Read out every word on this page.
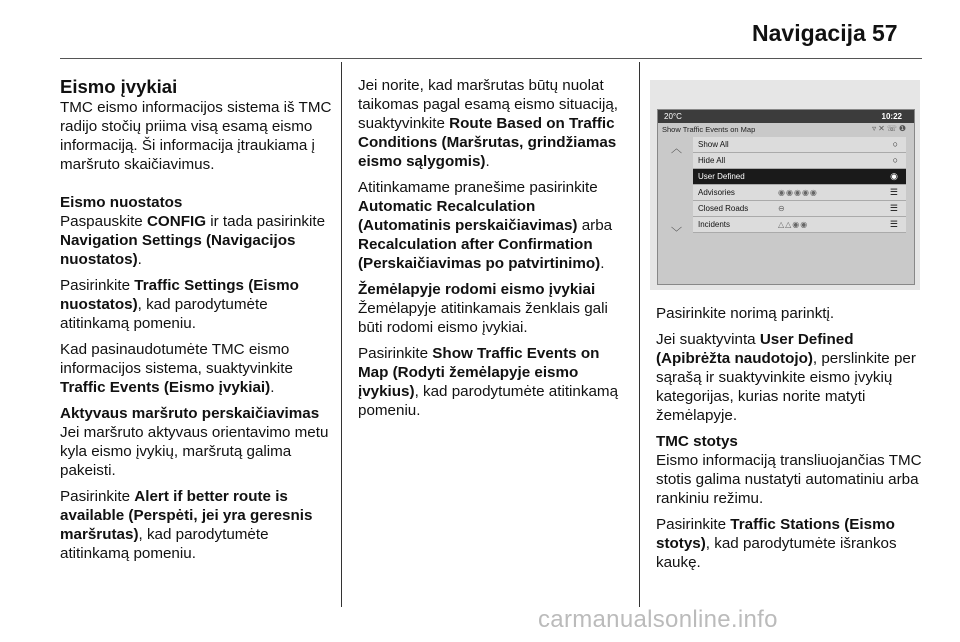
Navigacija 57
Eismo įvykiai

TMC eismo informacijos sistema iš TMC radijo stočių priima visą esamą eismo informaciją. Ši informacija įtraukiama į maršruto skaičiavimus.

Eismo nuostatos

Paspauskite CONFIG ir tada pasirinkite Navigation Settings (Navigacijos nuostatos).

Pasirinkite Traffic Settings (Eismo nuostatos), kad parodytumėte atitinkamą pomeniu.

Kad pasinaudotumėte TMC eismo informacijos sistema, suaktyvinkite Traffic Events (Eismo įvykiai).

Aktyvaus maršruto perskaičiavimas

Jei maršruto aktyvaus orientavimo metu kyla eismo įvykių, maršrutą galima pakeisti.

Pasirinkite Alert if better route is available (Perspėti, jei yra geresnis maršrutas), kad parodytumėte atitinkamą pomeniu.

Jei norite, kad maršrutas būtų nuolat taikomas pagal esamą eismo situaciją, suaktyvinkite Route Based on Traffic Conditions (Maršrutas, grindžiamas eismo sąlygomis).

Atitinkamame pranešime pasirinkite Automatic Recalculation (Automatinis perskaičiavimas) arba Recalculation after Confirmation (Perskaičiavimas po patvirtinimo).

Žemėlapyje rodomi eismo įvykiai

Žemėlapyje atitinkamais ženklais gali būti rodomi eismo įvykiai.

Pasirinkite Show Traffic Events on Map (Rodyti žemėlapyje eismo įvykius), kad parodytumėte atitinkamą pomeniu.

20°C	10:22
Show Traffic Events on Map	▿✕☏❶
︿
﹀
Show All	○
Hide All	○
User Defined	◉
Advisories	◉◉◉◉◉	☰
Closed Roads	⊖	☰
Incidents	△△◉◉	☰

Pasirinkite norimą parinktį.

Jei suaktyvinta User Defined (Apibrėžta naudotojo), perslinkite per sąrašą ir suaktyvinkite eismo įvykių kategorijas, kurias norite matyti žemėlapyje.

TMC stotys

Eismo informaciją transliuojančias TMC stotis galima nustatyti automatiniu arba rankiniu režimu.

Pasirinkite Traffic Stations (Eismo stotys), kad parodytumėte išrankos kaukę.

carmanualsonline.info
